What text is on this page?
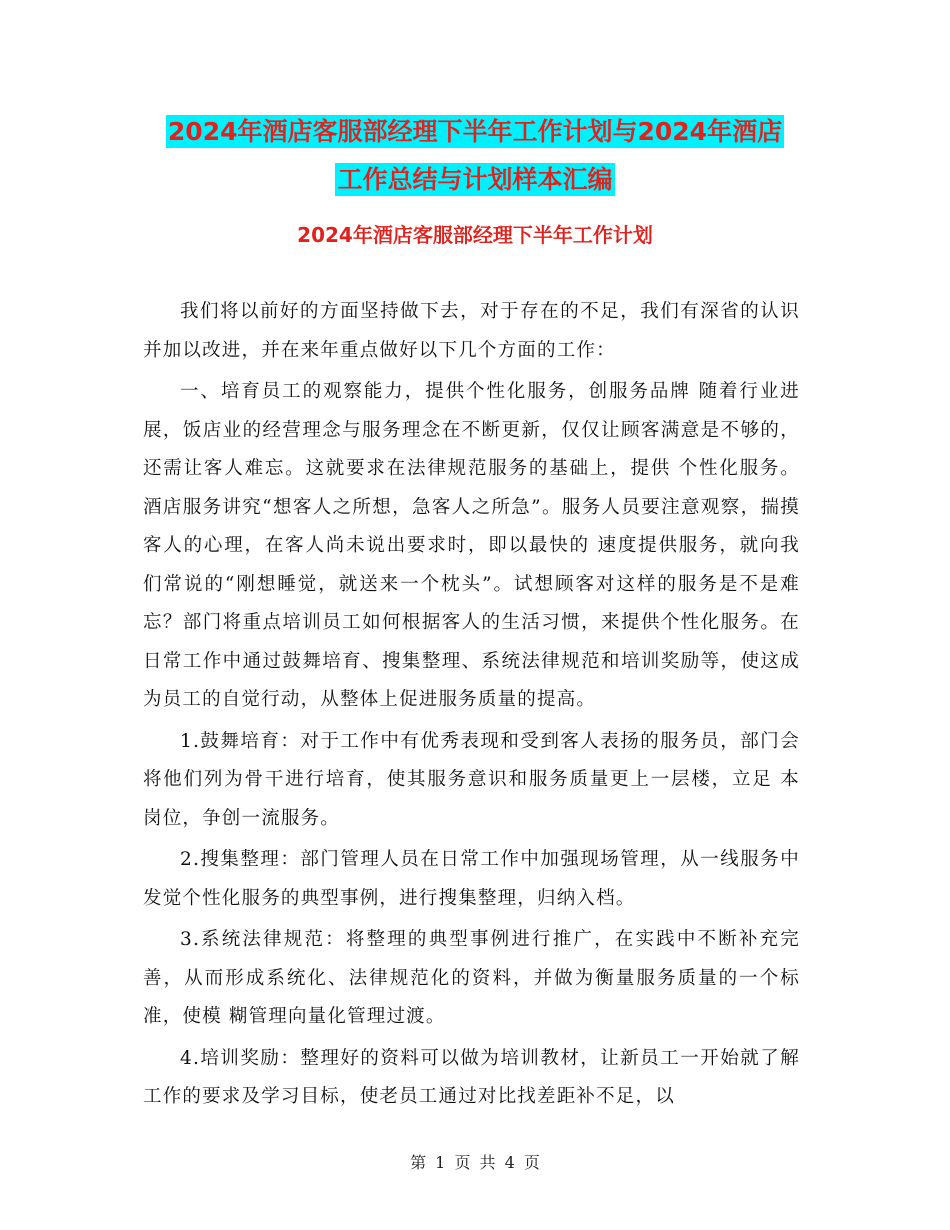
2024年酒店客服部经理下半年工作计划与2024年酒店
工作总结与计划样本汇编
2024年酒店客服部经理下半年工作计划

我们将以前好的方面坚持做下去，对于存在的不足，我们有深省的认识并加以改进，并在来年重点做好以下几个方面的工作：

一、培育员工的观察能力，提供个性化服务，创服务品牌 随着行业进展，饭店业的经营理念与服务理念在不断更新，仅仅让顾客满意是不够的，还需让客人难忘。这就要求在法律规范服务的基础上，提供 个性化服务。酒店服务讲究“想客人之所想，急客人之所急”。服务人员要注意观察，揣摸客人的心理，在客人尚未说出要求时，即以最快的 速度提供服务，就向我们常说的“刚想睡觉，就送来一个枕头”。试想顾客对这样的服务是不是难忘？部门将重点培训员工如何根据客人的生活习惯，来提供个性化服务。在日常工作中通过鼓舞培育、搜集整理、系统法律规范和培训奖励等，使这成 为员工的自觉行动，从整体上促进服务质量的提高。

1.鼓舞培育：对于工作中有优秀表现和受到客人表扬的服务员，部门会将他们列为骨干进行培育，使其服务意识和服务质量更上一层楼，立足 本岗位，争创一流服务。

2.搜集整理：部门管理人员在日常工作中加强现场管理，从一线服务中发觉个性化服务的典型事例，进行搜集整理，归纳入档。

3.系统法律规范：将整理的典型事例进行推广，在实践中不断补充完善，从而形成系统化、法律规范化的资料，并做为衡量服务质量的一个标准，使模 糊管理向量化管理过渡。

4.培训奖励：整理好的资料可以做为培训教材，让新员工一开始就了解工作的要求及学习目标，使老员工通过对比找差距补不足，以

第 1 页 共 4 页
